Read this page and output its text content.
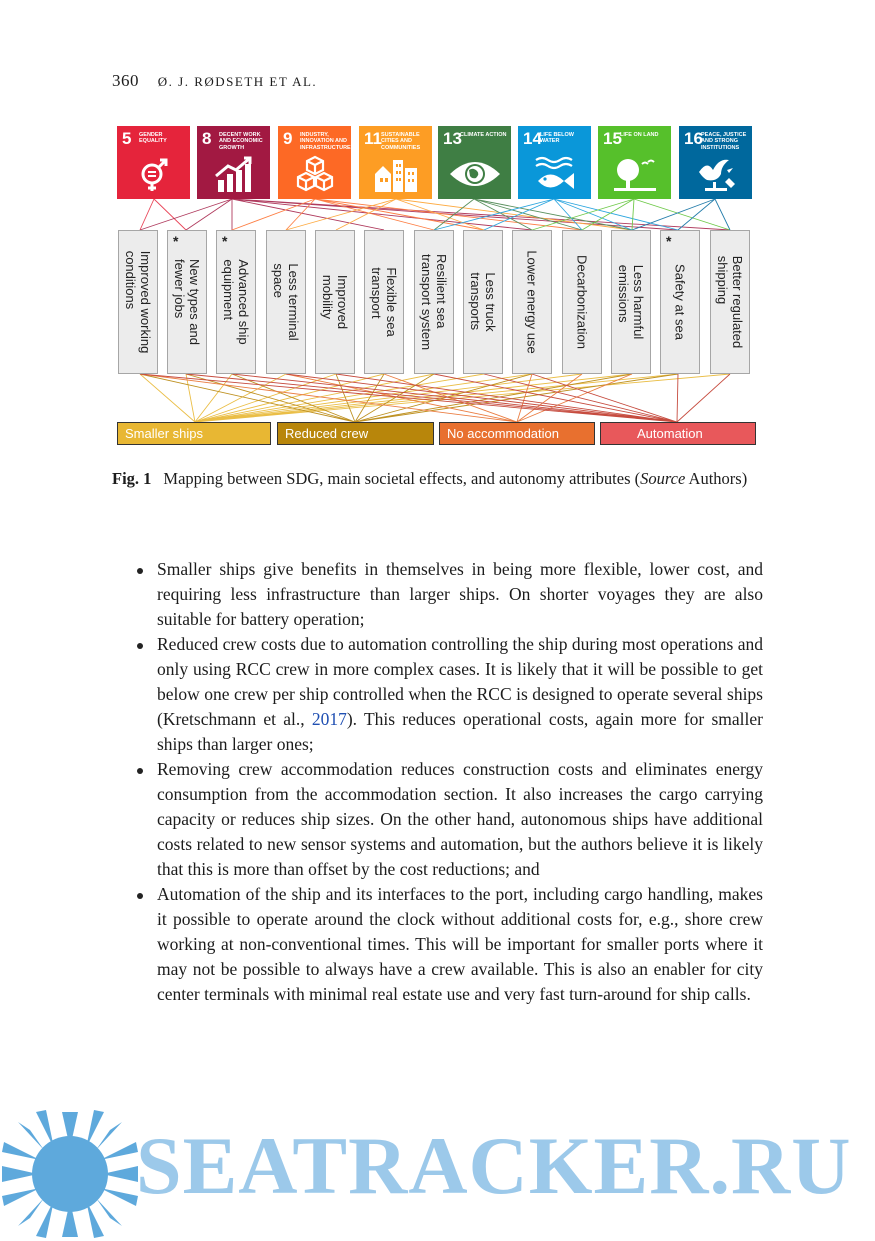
360 Ø. J. RØDSETH ET AL.
5 GENDER EQUALITY	8 DECENT WORK AND ECONOMIC GROWTH	9 INDUSTRY, INNOVATION AND INFRASTRUCTURE 11 SUSTAINABLE CITIES AND COMMUNITIES	13
CLIMATE ACTION 14
LIFE BELOW WATER	15
LIFE ON LAND	16
PEACE, JUSTICE AND STRONG INSTITUTIONS
Improved working
conditions
*
New types and
fewer jobs
*
Advanced ship
equipment	Less terminal
space	Improved
mobility	Flexible sea
transport	Resilient sea
transport system
Less truck
transports	Lower energy use	Decarbonization	Less harmful
emissions
*
Safety at sea	Better regulated
shipping
Smaller ships	Reduced crew	No accommodation	Automation
Fig. 1 Mapping between SDG, main societal effects, and autonomy attributes (Source Authors)
Smaller ships give benefits in themselves in being more flexible, lower cost, and requiring less infrastructure than larger ships. On shorter voyages they are also suitable for battery operation;
Reduced crew costs due to automation controlling the ship during most operations and only using RCC crew in more complex cases. It is likely that it will be possible to get below one crew per ship controlled when the RCC is designed to operate several ships (Kretschmann et al., 2017). This reduces operational costs, again more for smaller ships than larger ones;
Removing crew accommodation reduces construction costs and eliminates energy consumption from the accommodation section. It also increases the cargo carrying capacity or reduces ship sizes. On the other hand, autonomous ships have additional costs related to new sensor systems and automation, but the authors believe it is likely that this is more than offset by the cost reductions; and
Automation of the ship and its interfaces to the port, including cargo handling, makes it possible to operate around the clock without additional costs for, e.g., shore crew working at non-conventional times. This will be important for smaller ports where it may not be possible to always have a crew available. This is also an enabler for city center terminals with minimal real estate use and very fast turn-around for ship calls.
SEATRACKER.RU
